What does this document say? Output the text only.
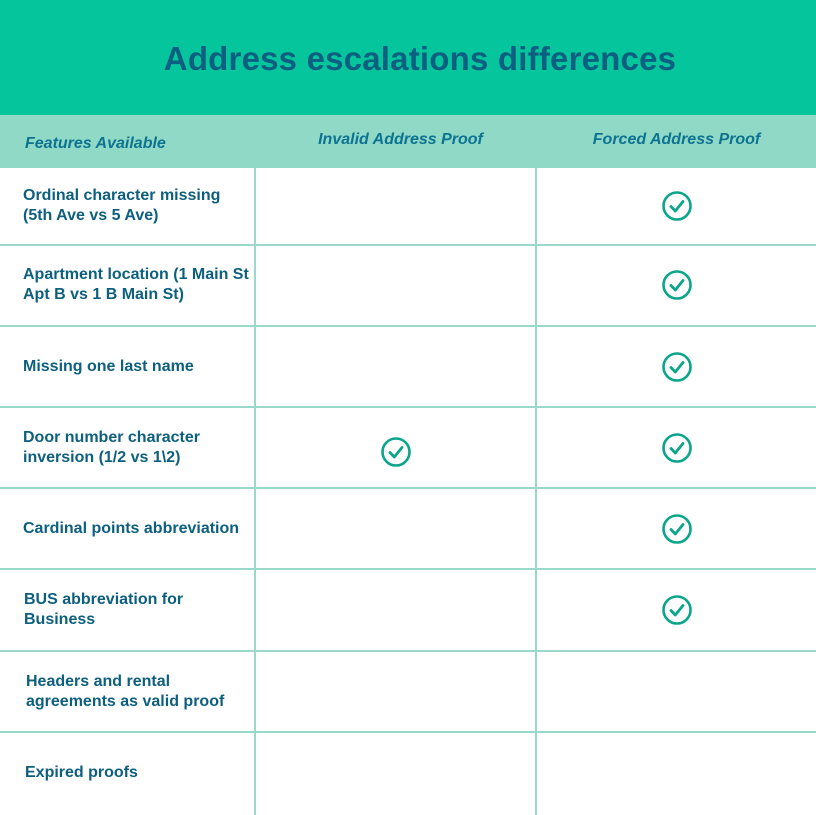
Address escalations differences
Features Available	Invalid Address Proof	Forced Address Proof
Ordinal character missing (5th Ave vs 5 Ave)
Apartment location (1 Main St Apt B vs 1 B Main St)
Missing one last name
Door number character inversion (1/2 vs 1\2)
Cardinal points abbreviation
BUS abbreviation for Business
Headers and rental agreements as valid proof
Expired proofs
